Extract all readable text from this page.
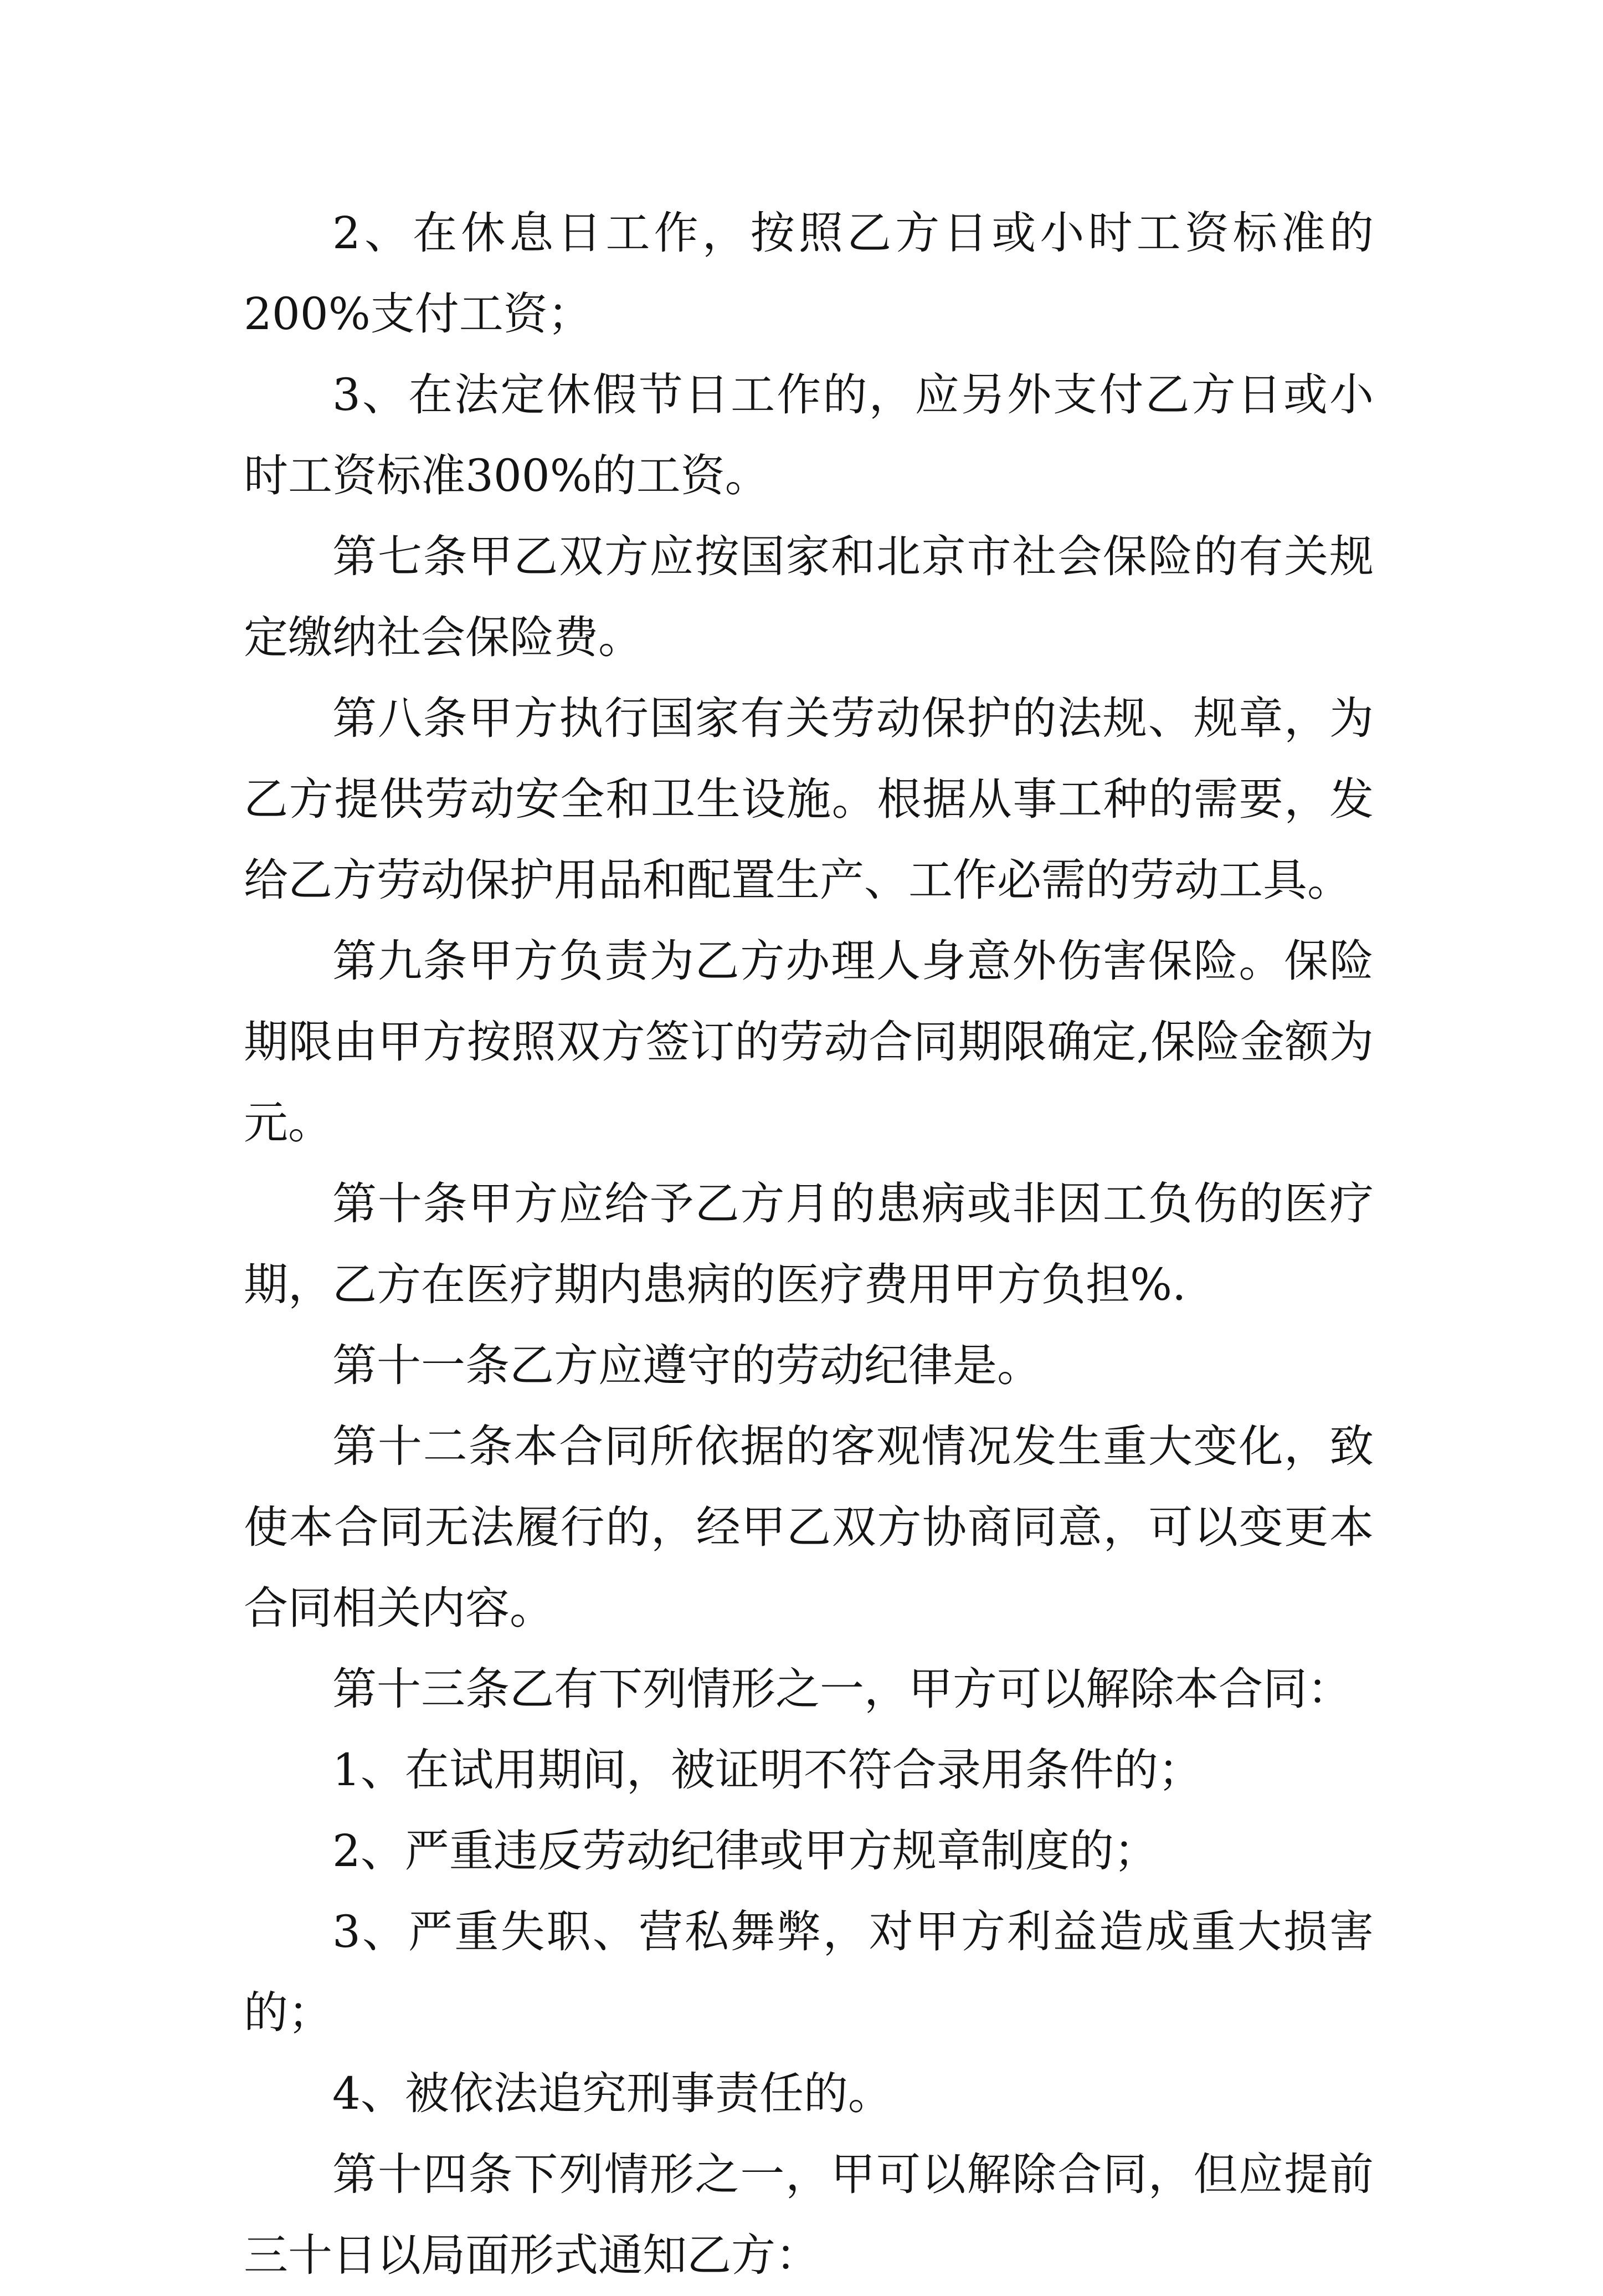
2、在休息日工作，按照乙方日或小时工资标准的200%支付工资；

3、在法定休假节日工作的，应另外支付乙方日或小时工资标准300%的工资。

第七条甲乙双方应按国家和北京市社会保险的有关规定缴纳社会保险费。

第八条甲方执行国家有关劳动保护的法规、规章，为乙方提供劳动安全和卫生设施。根据从事工种的需要，发给乙方劳动保护用品和配置生产、工作必需的劳动工具。

第九条甲方负责为乙方办理人身意外伤害保险。保险期限由甲方按照双方签订的劳动合同期限确定,保险金额为元。

第十条甲方应给予乙方月的患病或非因工负伤的医疗期，乙方在医疗期内患病的医疗费用甲方负担%.

第十一条乙方应遵守的劳动纪律是。

第十二条本合同所依据的客观情况发生重大变化，致使本合同无法履行的，经甲乙双方协商同意，可以变更本合同相关内容。

第十三条乙有下列情形之一，甲方可以解除本合同：

1、在试用期间，被证明不符合录用条件的；

2、严重违反劳动纪律或甲方规章制度的；

3、严重失职、营私舞弊，对甲方利益造成重大损害的；

4、被依法追究刑事责任的。

第十四条下列情形之一，甲可以解除合同，但应提前三十日以局面形式通知乙方：
